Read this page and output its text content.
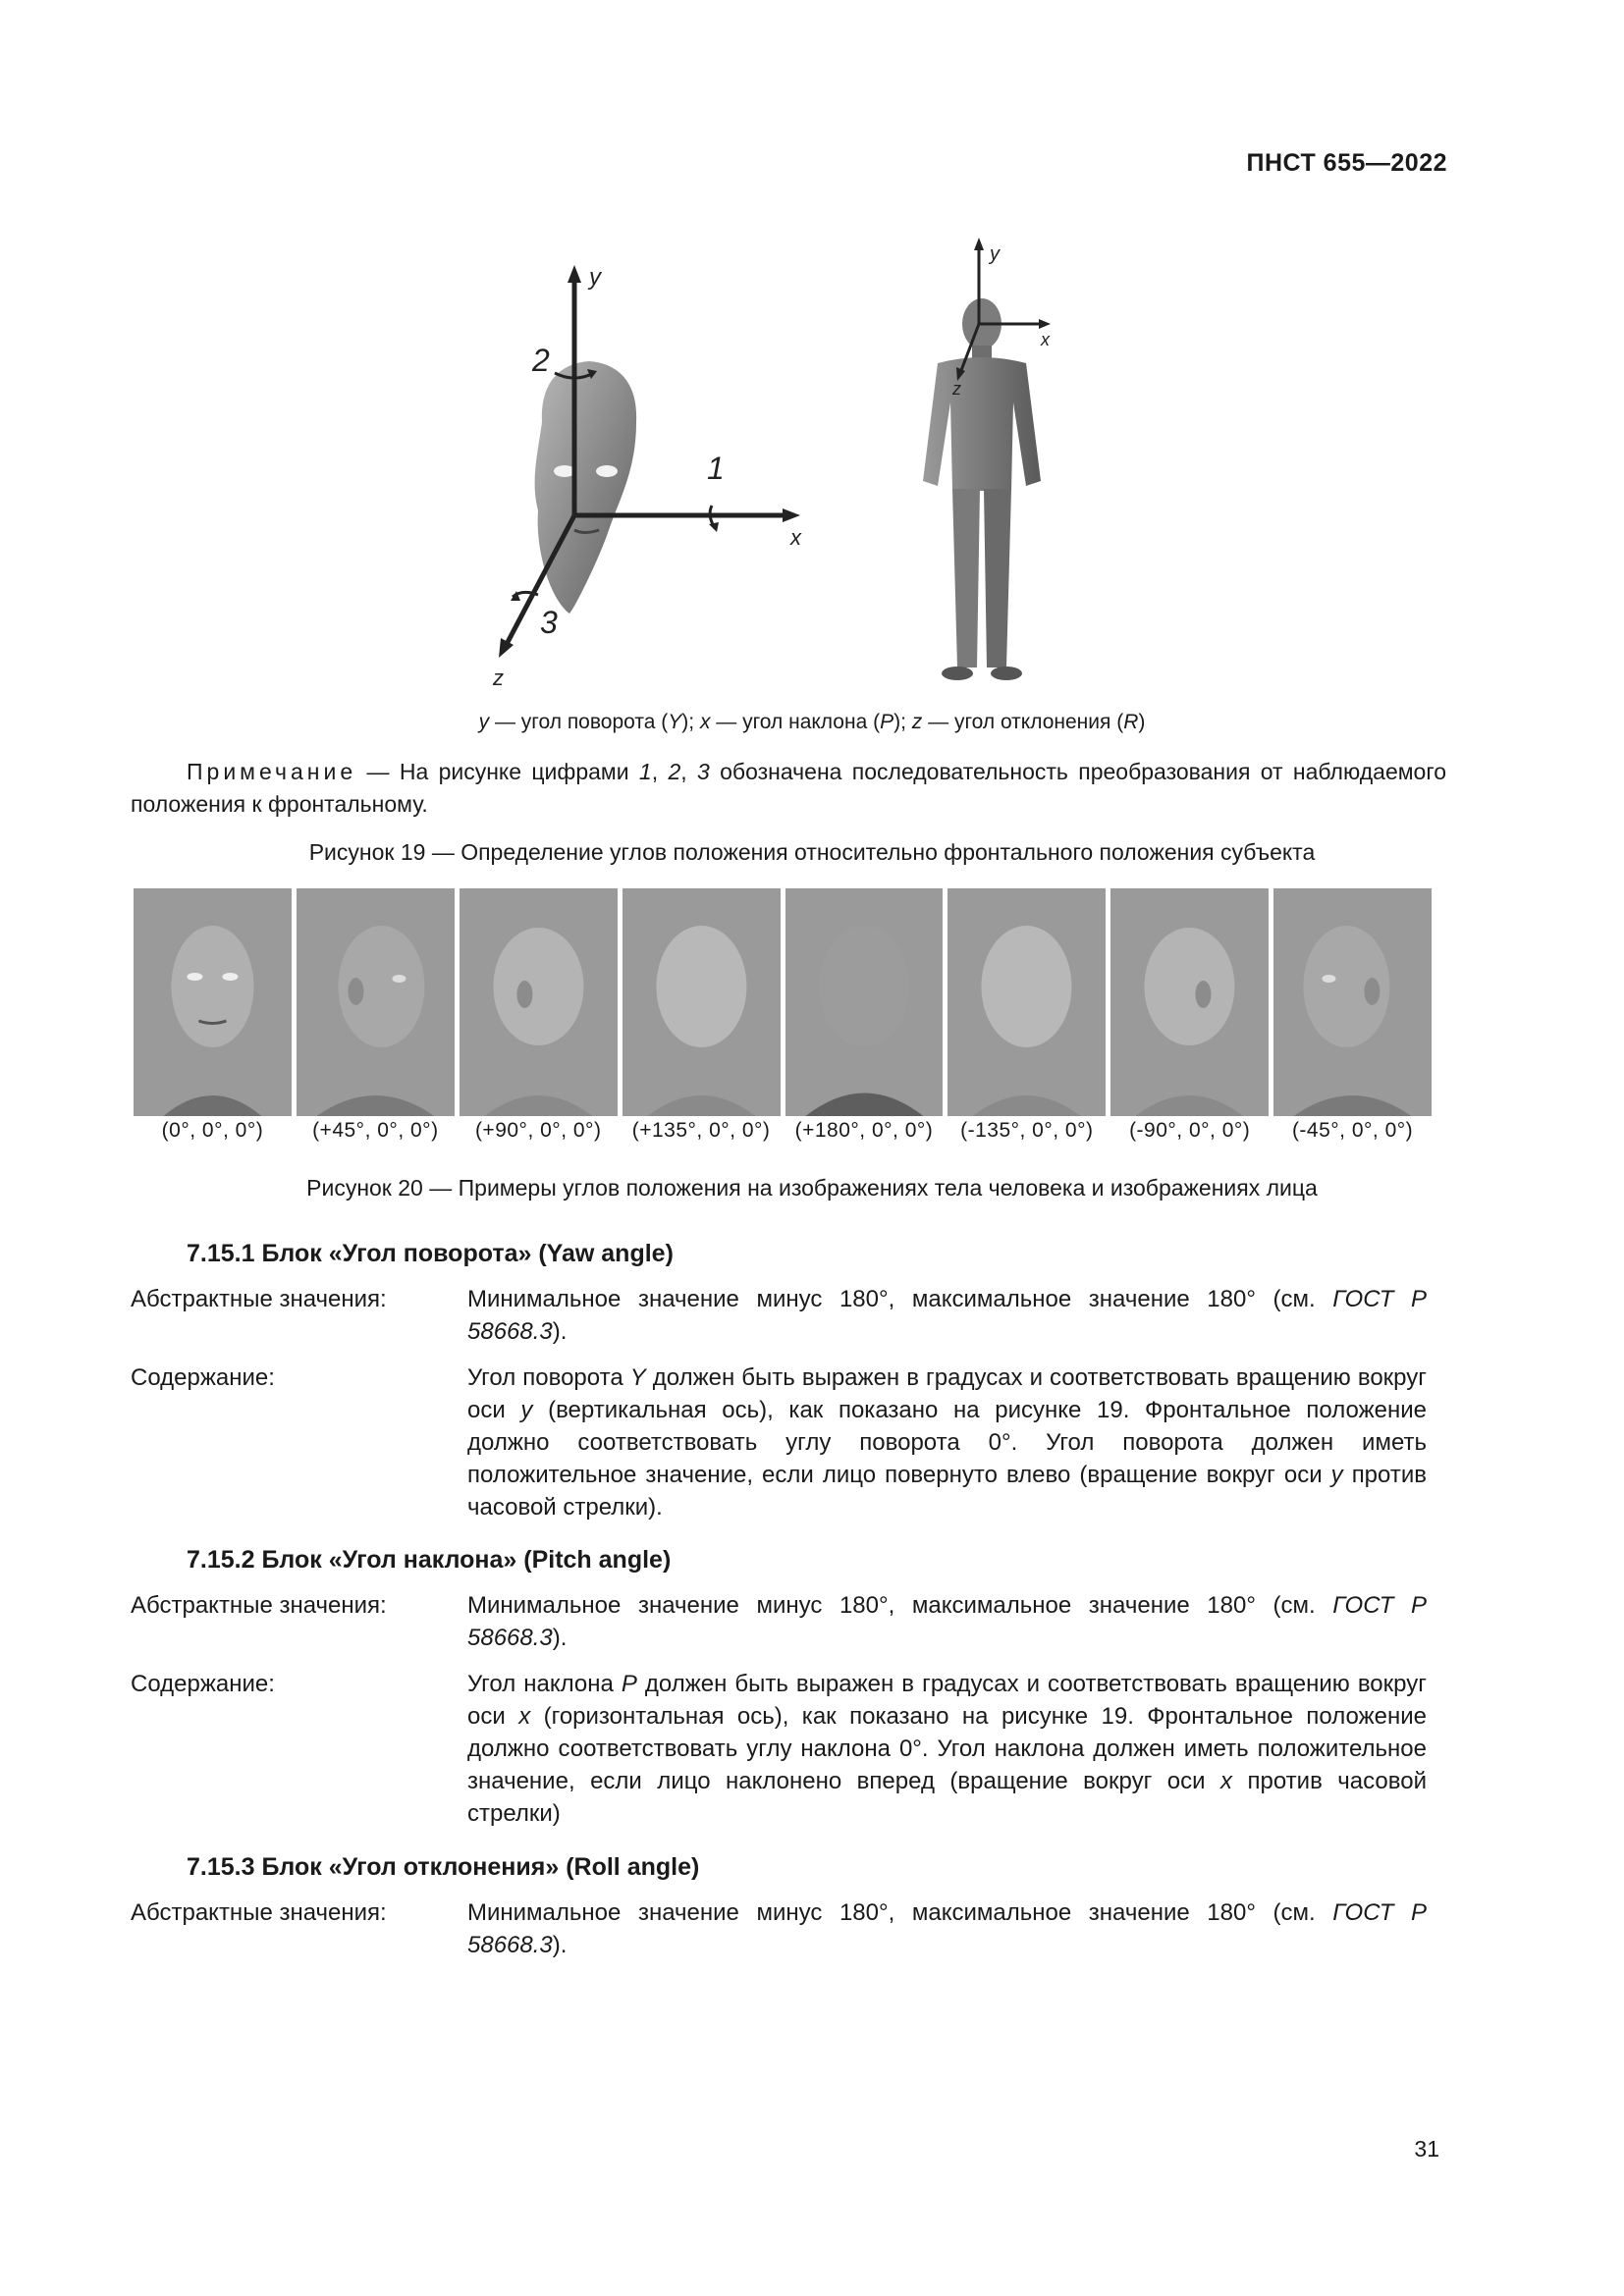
ПНСТ 655—2022
y
x
z
1
2
3
y
x
z
y — угол поворота (Y); x — угол наклона (P); z — угол отклонения (R)
Примечание — На рисунке цифрами 1, 2, 3 обозначена последовательность преобразования от наблюдаемого положения к фронтальному.
Рисунок 19 — Определение углов положения относительно фронтального положения субъекта
(0°, 0°, 0°)	(+45°, 0°, 0°)	(+90°, 0°, 0°)	(+135°, 0°, 0°)	(+180°, 0°, 0°)	(-135°, 0°, 0°)	(-90°, 0°, 0°)	(-45°, 0°, 0°)
Рисунок 20 — Примеры углов положения на изображениях тела человека и изображениях лица
7.15.1 Блок «Угол поворота» (Yaw angle)
Абстрактные значения:	Минимальное значение минус 180°, максимальное значение 180° (см. ГОСТ Р 58668.3).
Содержание:	Угол поворота Y должен быть выражен в градусах и соответствовать вращению вокруг оси y (вертикальная ось), как показано на рисунке 19. Фронтальное положение должно соответствовать углу поворота 0°. Угол поворота должен иметь положительное значение, если лицо повернуто влево (вращение вокруг оси y против часовой стрелки).
7.15.2 Блок «Угол наклона» (Pitch angle)
Абстрактные значения:	Минимальное значение минус 180°, максимальное значение 180° (см. ГОСТ Р 58668.3).
Содержание:	Угол наклона P должен быть выражен в градусах и соответствовать вращению вокруг оси x (горизонтальная ось), как показано на рисунке 19. Фронтальное положение должно соответствовать углу наклона 0°. Угол наклона должен иметь положительное значение, если лицо наклонено вперед (вращение вокруг оси x против часовой стрелки)
7.15.3 Блок «Угол отклонения» (Roll angle)
Абстрактные значения:	Минимальное значение минус 180°, максимальное значение 180° (см. ГОСТ Р 58668.3).
31
